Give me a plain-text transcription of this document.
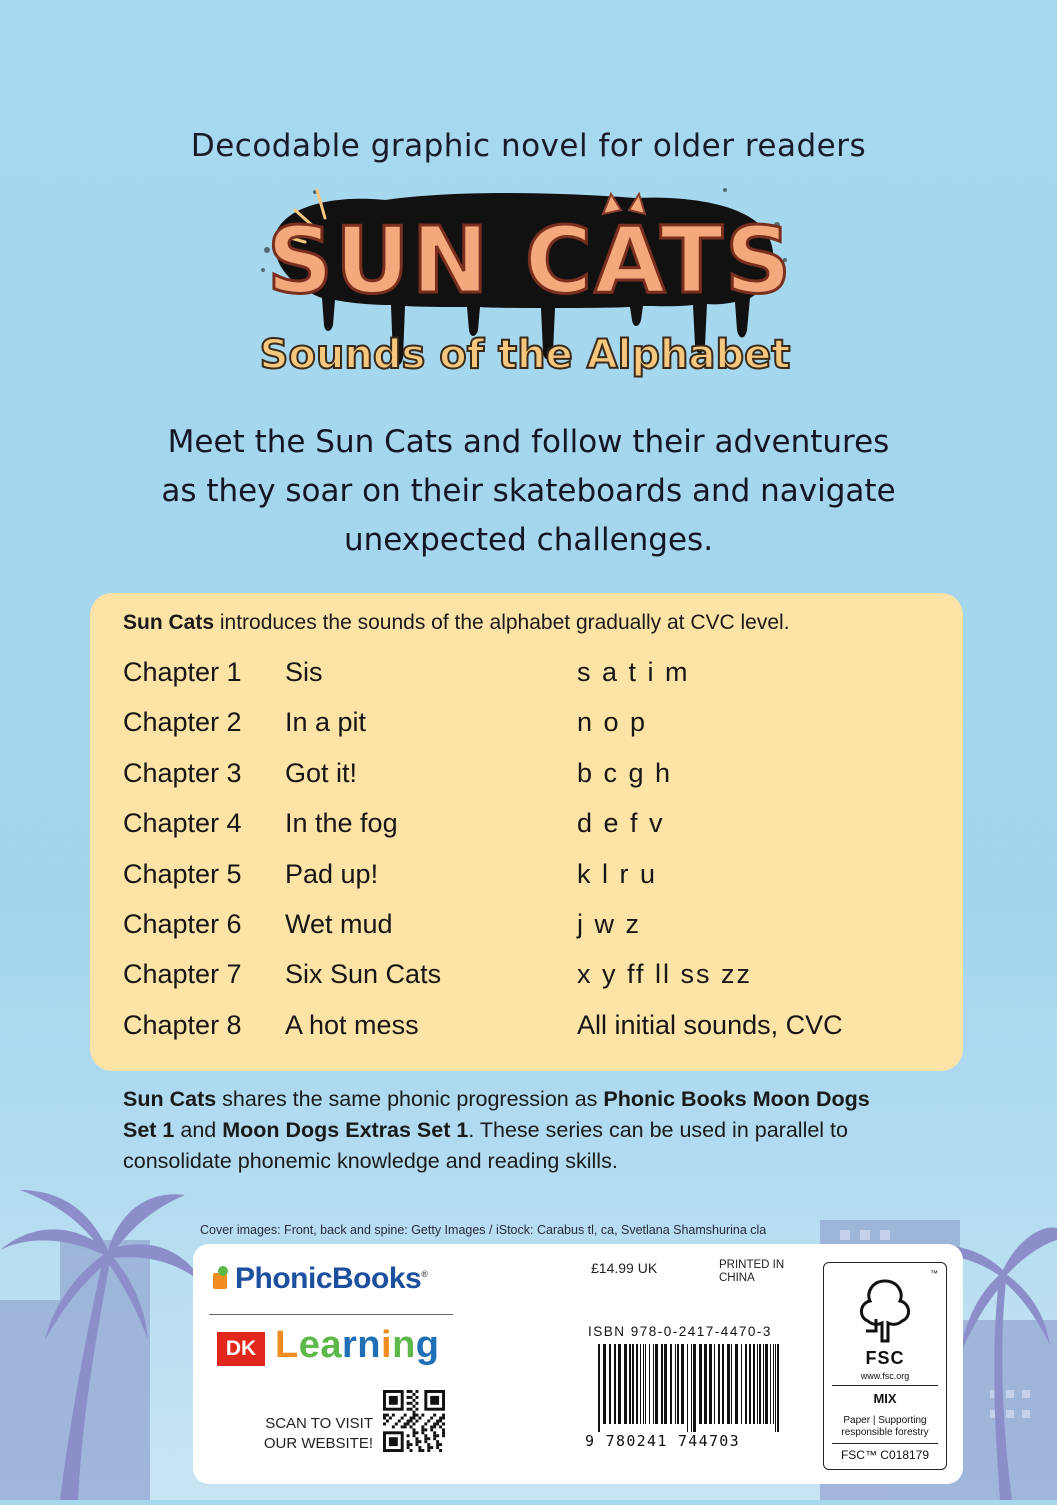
Decodable graphic novel for older readers
SUN CATS
Sounds of the Alphabet
Meet the Sun Cats and follow their adventures
as they soar on their skateboards and navigate
unexpected challenges.
Sun Cats introduces the sounds of the alphabet gradually at CVC level.
Chapter 1 Sis	s a t i m
Chapter 2 In a pit	n o p
Chapter 3 Got it!	b c g h
Chapter 4 In the fog	d e f v
Chapter 5 Pad up!	k l r u
Chapter 6 Wet mud	j w z
Chapter 7 Six Sun Cats	x y ff ll ss zz
Chapter 8 A hot mess	All initial sounds, CVC
Sun Cats shares the same phonic progression as Phonic Books Moon Dogs Set 1 and Moon Dogs Extras Set 1. These series can be used in parallel to consolidate phonemic knowledge and reading skills.
Cover images: Front, back and spine: Getty Images / iStock: Carabus tl, ca, Svetlana Shamshurina cla
PhonicBooks®
DK Learning
SCAN TO VISIT
OUR WEBSITE!
£14.99 UK	PRINTED IN
CHINA
ISBN 978-0-2417-4470-3
9 780241 744703
™
FSC
www.fsc.org
MIX
Paper | Supporting
responsible forestry
FSC™ C018179
